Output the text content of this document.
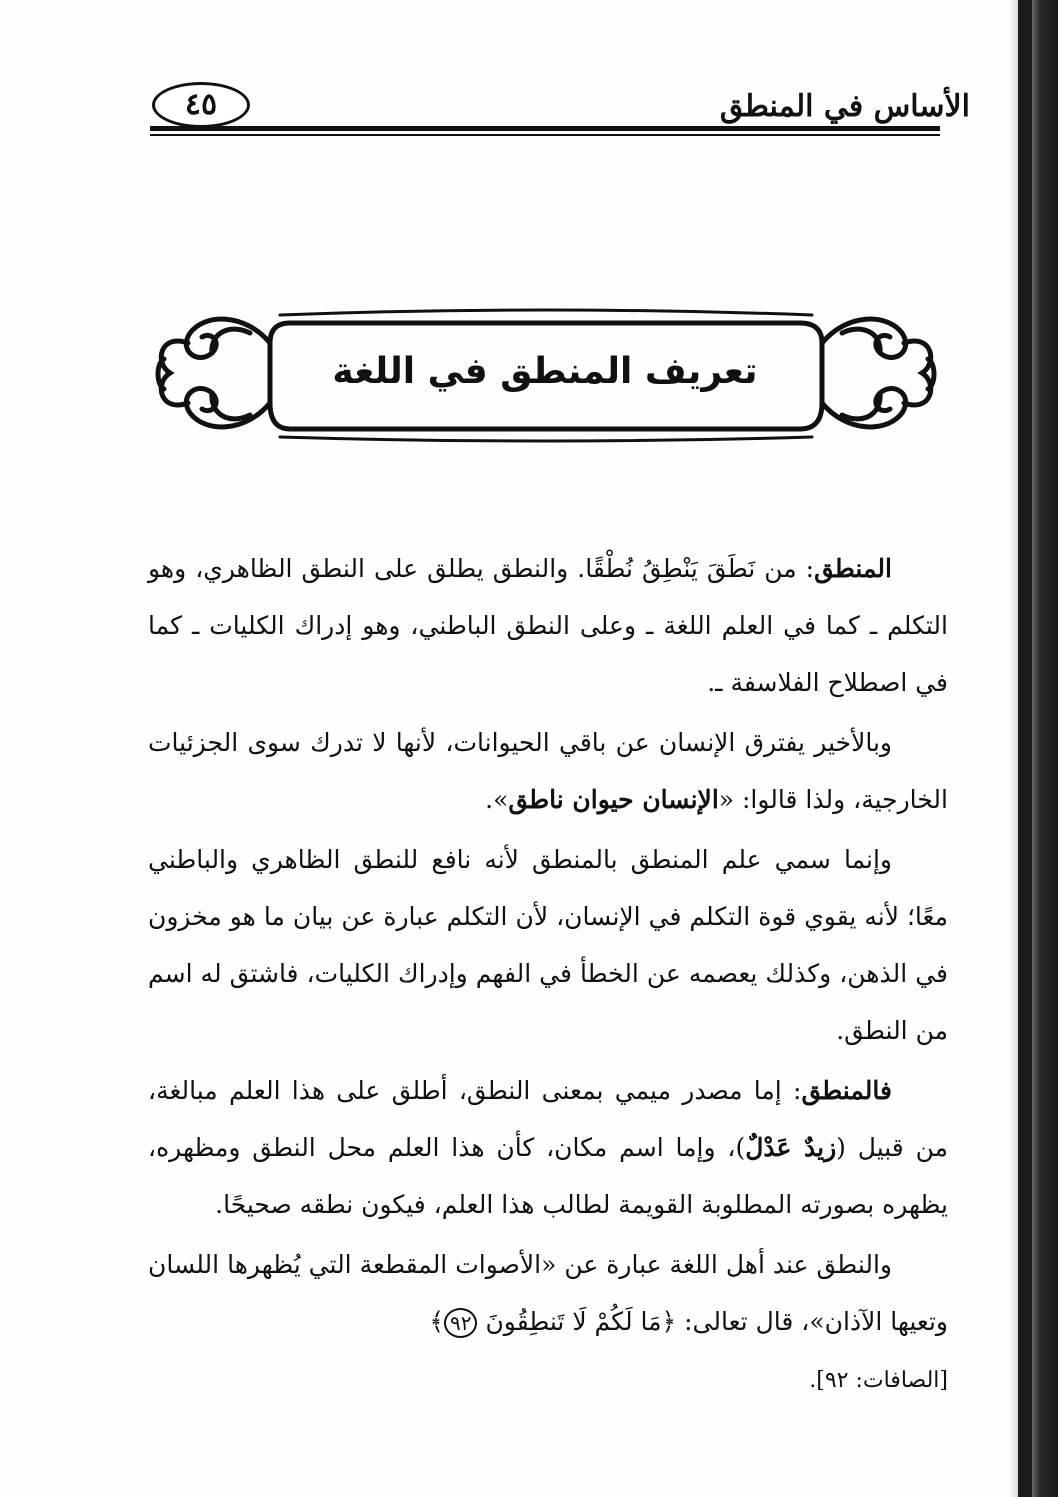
الأساس في المنطق
٤٥
تعريف المنطق في اللغة

المنطق: من نَطَقَ يَنْطِقُ نُطْقًا. والنطق يطلق على النطق الظاهري، وهو التكلم ـ كما في العلم اللغة ـ وعلى النطق الباطني، وهو إدراك الكليات ـ كما في اصطلاح الفلاسفة ـ.

وبالأخير يفترق الإنسان عن باقي الحيوانات، لأنها لا تدرك سوى الجزئيات الخارجية، ولذا قالوا: «الإنسان حيوان ناطق».

وإنما سمي علم المنطق بالمنطق لأنه نافع للنطق الظاهري والباطني معًا؛ لأنه يقوي قوة التكلم في الإنسان، لأن التكلم عبارة عن بيان ما هو مخزون في الذهن، وكذلك يعصمه عن الخطأ في الفهم وإدراك الكليات، فاشتق له اسم من النطق.

فالمنطق: إما مصدر ميمي بمعنى النطق، أطلق على هذا العلم مبالغة، من قبيل (زيدٌ عَدْلٌ)، وإما اسم مكان، كأن هذا العلم محل النطق ومظهره، يظهره بصورته المطلوبة القويمة لطالب هذا العلم، فيكون نطقه صحيحًا.

والنطق عند أهل اللغة عبارة عن «الأصوات المقطعة التي يُظهرها اللسان وتعيها الآذان»، قال تعالى: ﴿مَا لَكُمْ لَا تَنطِقُونَ ٩٢﴾
[الصافات: ٩٢].
